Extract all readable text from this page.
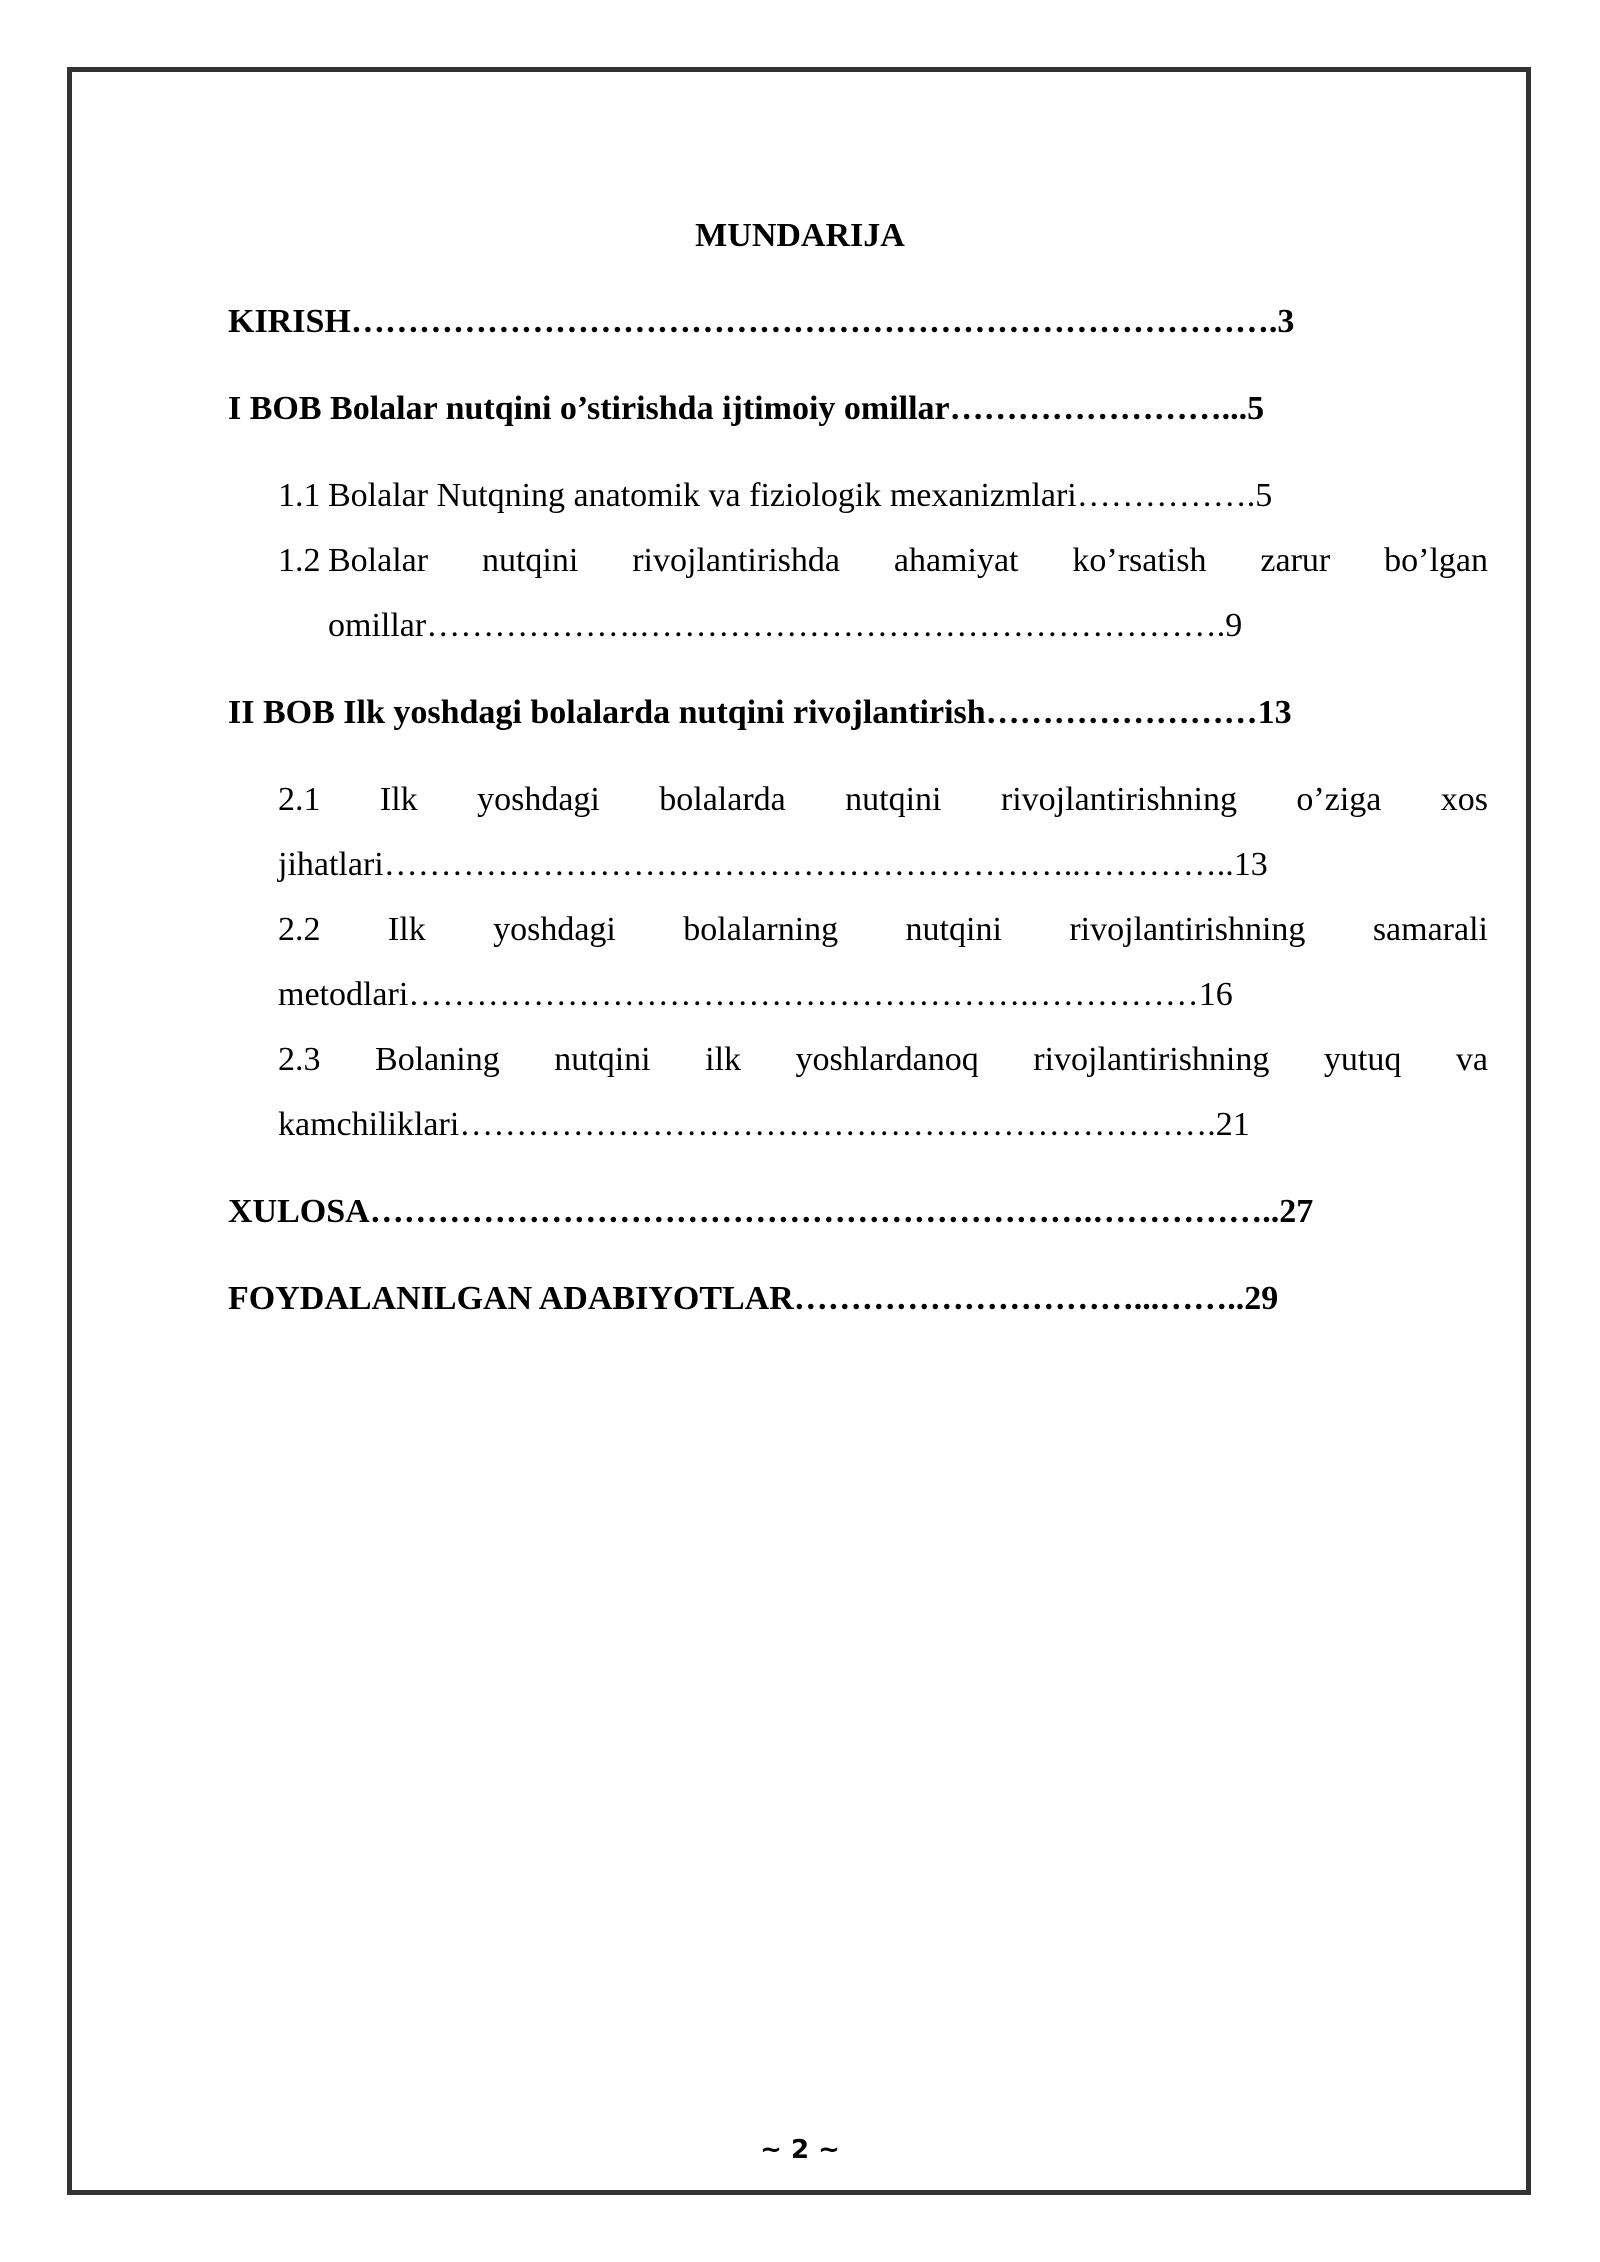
MUNDARIJA
KIRISH……………………………………………………………………….3
I BOB Bolalar nutqini o’stirishda ijtimoiy omillar……………………...5
1.1 Bolalar Nutqning anatomik va fiziologik mexanizmlari…………….5
1.2 Bolalar nutqini rivojlantirishda ahamiyat ko’rsatish zarur bo’lgan
omillar……………….…………………………………………….9
II BOB Ilk yoshdagi bolalarda nutqini rivojlantirish……………………13
2.1 Ilk yoshdagi bolalarda nutqini rivojlantirishning o’ziga xos
jihatlari……………………………………………………..…………..13
2.2 Ilk yoshdagi bolalarning nutqini rivojlantirishning samarali
metodlari……………………………………………….……………16
2.3 Bolaning nutqini ilk yoshlardanoq rivojlantirishning yutuq va
kamchiliklari………………………………………………………….21
XULOSA……………………………………………………….……………..27
FOYDALANILGAN ADABIYOTLAR…………………………...……..29
~ 2 ~
